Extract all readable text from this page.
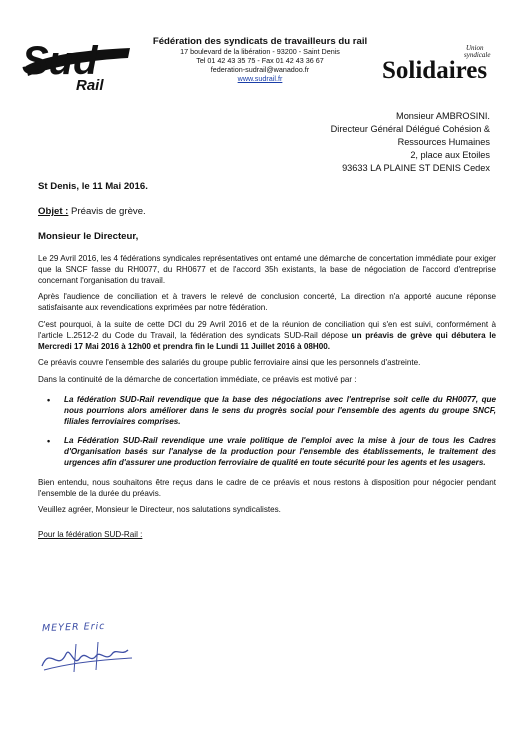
Sud
Rail
Fédération des syndicats de travailleurs du rail
17 boulevard de la libération - 93200 - Saint Denis
Tel 01 42 43 35 75 - Fax 01 42 43 36 67
federation-sudrail@wanadoo.fr
www.sudrail.fr
Union
syndicale
Solidaires
Monsieur AMBROSINI.
Directeur Général Délégué Cohésion &
Ressources Humaines
2, place aux Etoiles
93633 LA PLAINE ST DENIS Cedex
St Denis, le 11 Mai 2016.
Objet : Préavis de grève.
Monsieur le Directeur,

Le 29 Avril 2016, les 4 fédérations syndicales représentatives ont entamé une démarche de concertation immédiate pour exiger que la SNCF fasse du RH0077, du RH0677 et de l'accord 35h existants, la base de négociation de l'accord d'entreprise concernant l'organisation du travail.

Après l'audience de conciliation et à travers le relevé de conclusion concerté, La direction n'a apporté aucune réponse satisfaisante aux revendications exprimées par notre fédération.

C'est pourquoi, à la suite de cette DCI du 29 Avril 2016 et de la réunion de conciliation qui s'en est suivi, conformément à l'article L.2512-2 du Code du Travail, la fédération des syndicats SUD-Rail dépose un préavis de grève qui débutera le Mercredi 17 Mai 2016 à 12h00 et prendra fin le Lundi 11 Juillet 2016 à 08H00.

Ce préavis couvre l'ensemble des salariés du groupe public ferroviaire ainsi que les personnels d'astreinte.

Dans la continuité de la démarche de concertation immédiate, ce préavis est motivé par :

• La fédération SUD-Rail revendique que la base des négociations avec l'entreprise soit celle du RH0077, que nous pourrions alors améliorer dans le sens du progrès social pour l'ensemble des agents du groupe SNCF, filiales ferroviaires comprises.
• La Fédération SUD-Rail revendique une vraie politique de l'emploi avec la mise à jour de tous les Cadres d'Organisation basés sur l'analyse de la production pour l'ensemble des établissements, le traitement des urgences afin d'assurer une production ferroviaire de qualité en toute sécurité pour les agents et les usagers.

Bien entendu, nous souhaitons être reçus dans le cadre de ce préavis et nous restons à disposition pour négocier pendant l'ensemble de la durée du préavis.

Veuillez agréer, Monsieur le Directeur, nos salutations syndicalistes.

Pour la fédération SUD-Rail :

MEYER Eric
